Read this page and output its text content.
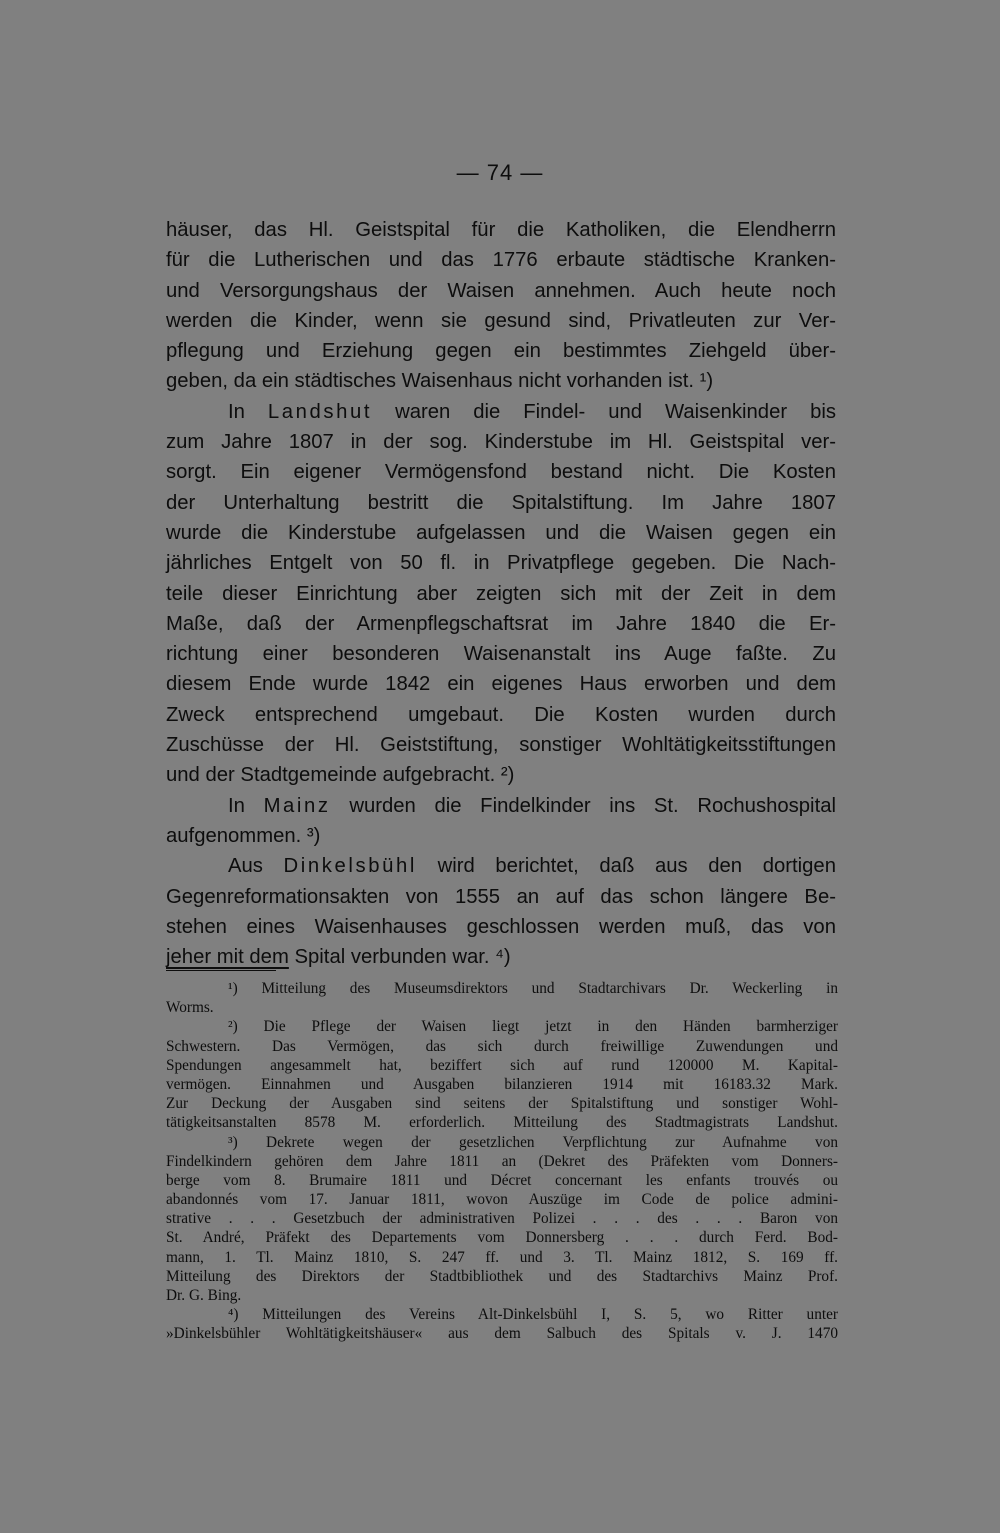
— 74 —
häuser, das Hl. Geistspital für die Katholiken, die Elendherrn
für die Lutherischen und das 1776 erbaute städtische Kranken-
und Versorgungshaus der Waisen annehmen. Auch heute noch
werden die Kinder, wenn sie gesund sind, Privatleuten zur Ver-
pflegung und Erziehung gegen ein bestimmtes Ziehgeld über-
geben, da ein städtisches Waisenhaus nicht vorhanden ist. ¹)
In Landshut waren die Findel- und Waisenkinder bis
zum Jahre 1807 in der sog. Kinderstube im Hl. Geistspital ver-
sorgt. Ein eigener Vermögensfond bestand nicht. Die Kosten
der Unterhaltung bestritt die Spitalstiftung. Im Jahre 1807
wurde die Kinderstube aufgelassen und die Waisen gegen ein
jährliches Entgelt von 50 fl. in Privatpflege gegeben. Die Nach-
teile dieser Einrichtung aber zeigten sich mit der Zeit in dem
Maße, daß der Armenpflegschaftsrat im Jahre 1840 die Er-
richtung einer besonderen Waisenanstalt ins Auge faßte. Zu
diesem Ende wurde 1842 ein eigenes Haus erworben und dem
Zweck entsprechend umgebaut. Die Kosten wurden durch
Zuschüsse der Hl. Geiststiftung, sonstiger Wohltätigkeitsstiftungen
und der Stadtgemeinde aufgebracht. ²)
In Mainz wurden die Findelkinder ins St. Rochushospital
aufgenommen. ³)
Aus Dinkelsbühl wird berichtet, daß aus den dortigen
Gegenreformationsakten von 1555 an auf das schon längere Be-
stehen eines Waisenhauses geschlossen werden muß, das von
jeher mit dem Spital verbunden war. ⁴)
¹) Mitteilung des Museumsdirektors und Stadtarchivars Dr. Weckerling in
Worms.
²) Die Pflege der Waisen liegt jetzt in den Händen barmherziger
Schwestern. Das Vermögen, das sich durch freiwillige Zuwendungen und
Spendungen angesammelt hat, beziffert sich auf rund 120000 M. Kapital-
vermögen. Einnahmen und Ausgaben bilanzieren 1914 mit 16183.32 Mark.
Zur Deckung der Ausgaben sind seitens der Spitalstiftung und sonstiger Wohl-
tätigkeitsanstalten 8578 M. erforderlich. Mitteilung des Stadtmagistrats Landshut.
³) Dekrete wegen der gesetzlichen Verpflichtung zur Aufnahme von
Findelkindern gehören dem Jahre 1811 an (Dekret des Präfekten vom Donners-
berge vom 8. Brumaire 1811 und Décret concernant les enfants trouvés ou
abandonnés vom 17. Januar 1811, wovon Auszüge im Code de police admini-
strative . . . Gesetzbuch der administrativen Polizei . . . des . . . Baron von
St. André, Präfekt des Departements vom Donnersberg . . . durch Ferd. Bod-
mann, 1. Tl. Mainz 1810, S. 247 ff. und 3. Tl. Mainz 1812, S. 169 ff.
Mitteilung des Direktors der Stadtbibliothek und des Stadtarchivs Mainz Prof.
Dr. G. Bing.
⁴) Mitteilungen des Vereins Alt-Dinkelsbühl I, S. 5, wo Ritter unter
»Dinkelsbühler Wohltätigkeitshäuser« aus dem Salbuch des Spitals v. J. 1470
